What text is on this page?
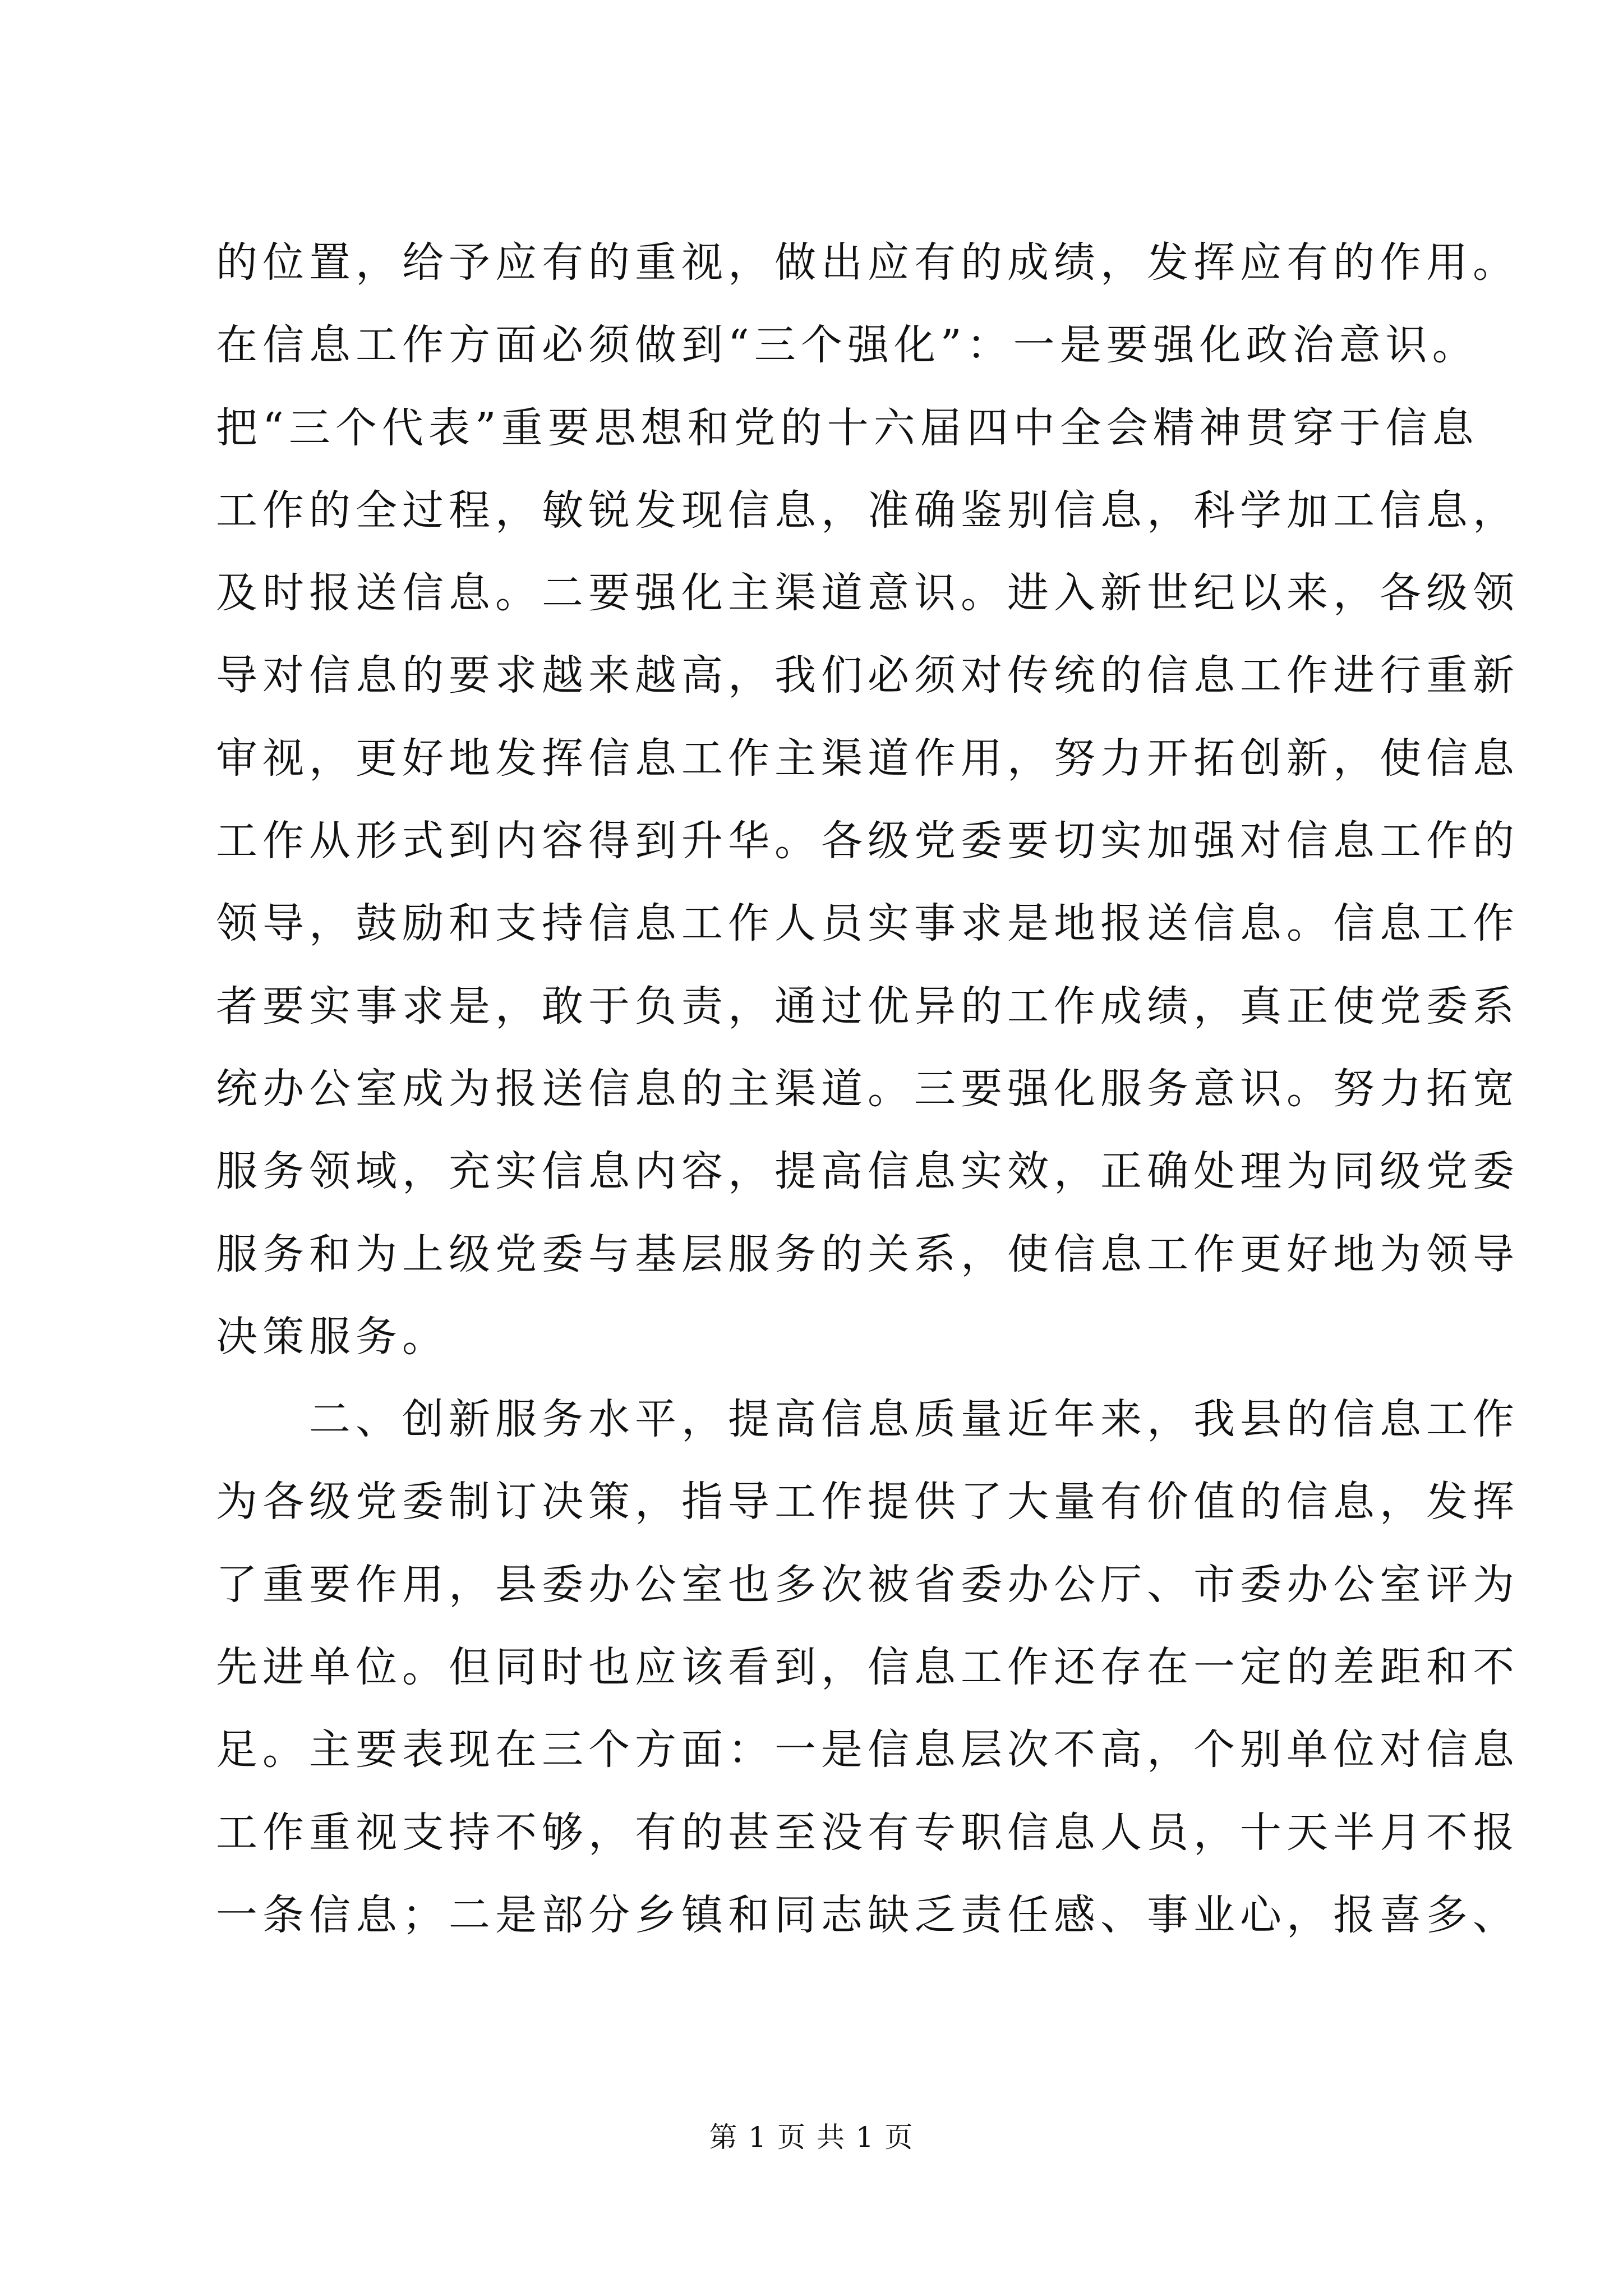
的位置，给予应有的重视，做出应有的成绩，发挥应有的作用。

在信息工作方面必须做到“三个强化”：一是要强化政治意识。

把“三个代表”重要思想和党的十六届四中全会精神贯穿于信息

工作的全过程，敏锐发现信息，准确鉴别信息，科学加工信息，

及时报送信息。二要强化主渠道意识。进入新世纪以来，各级领

导对信息的要求越来越高，我们必须对传统的信息工作进行重新

审视，更好地发挥信息工作主渠道作用，努力开拓创新，使信息

工作从形式到内容得到升华。各级党委要切实加强对信息工作的

领导，鼓励和支持信息工作人员实事求是地报送信息。信息工作

者要实事求是，敢于负责，通过优异的工作成绩，真正使党委系

统办公室成为报送信息的主渠道。三要强化服务意识。努力拓宽

服务领域，充实信息内容，提高信息实效，正确处理为同级党委

服务和为上级党委与基层服务的关系，使信息工作更好地为领导

决策服务。

二、创新服务水平，提高信息质量近年来，我县的信息工作

为各级党委制订决策，指导工作提供了大量有价值的信息，发挥

了重要作用，县委办公室也多次被省委办公厅、市委办公室评为

先进单位。但同时也应该看到，信息工作还存在一定的差距和不

足。主要表现在三个方面：一是信息层次不高，个别单位对信息

工作重视支持不够，有的甚至没有专职信息人员，十天半月不报

一条信息；二是部分乡镇和同志缺乏责任感、事业心，报喜多、

第 1 页 共 1 页
